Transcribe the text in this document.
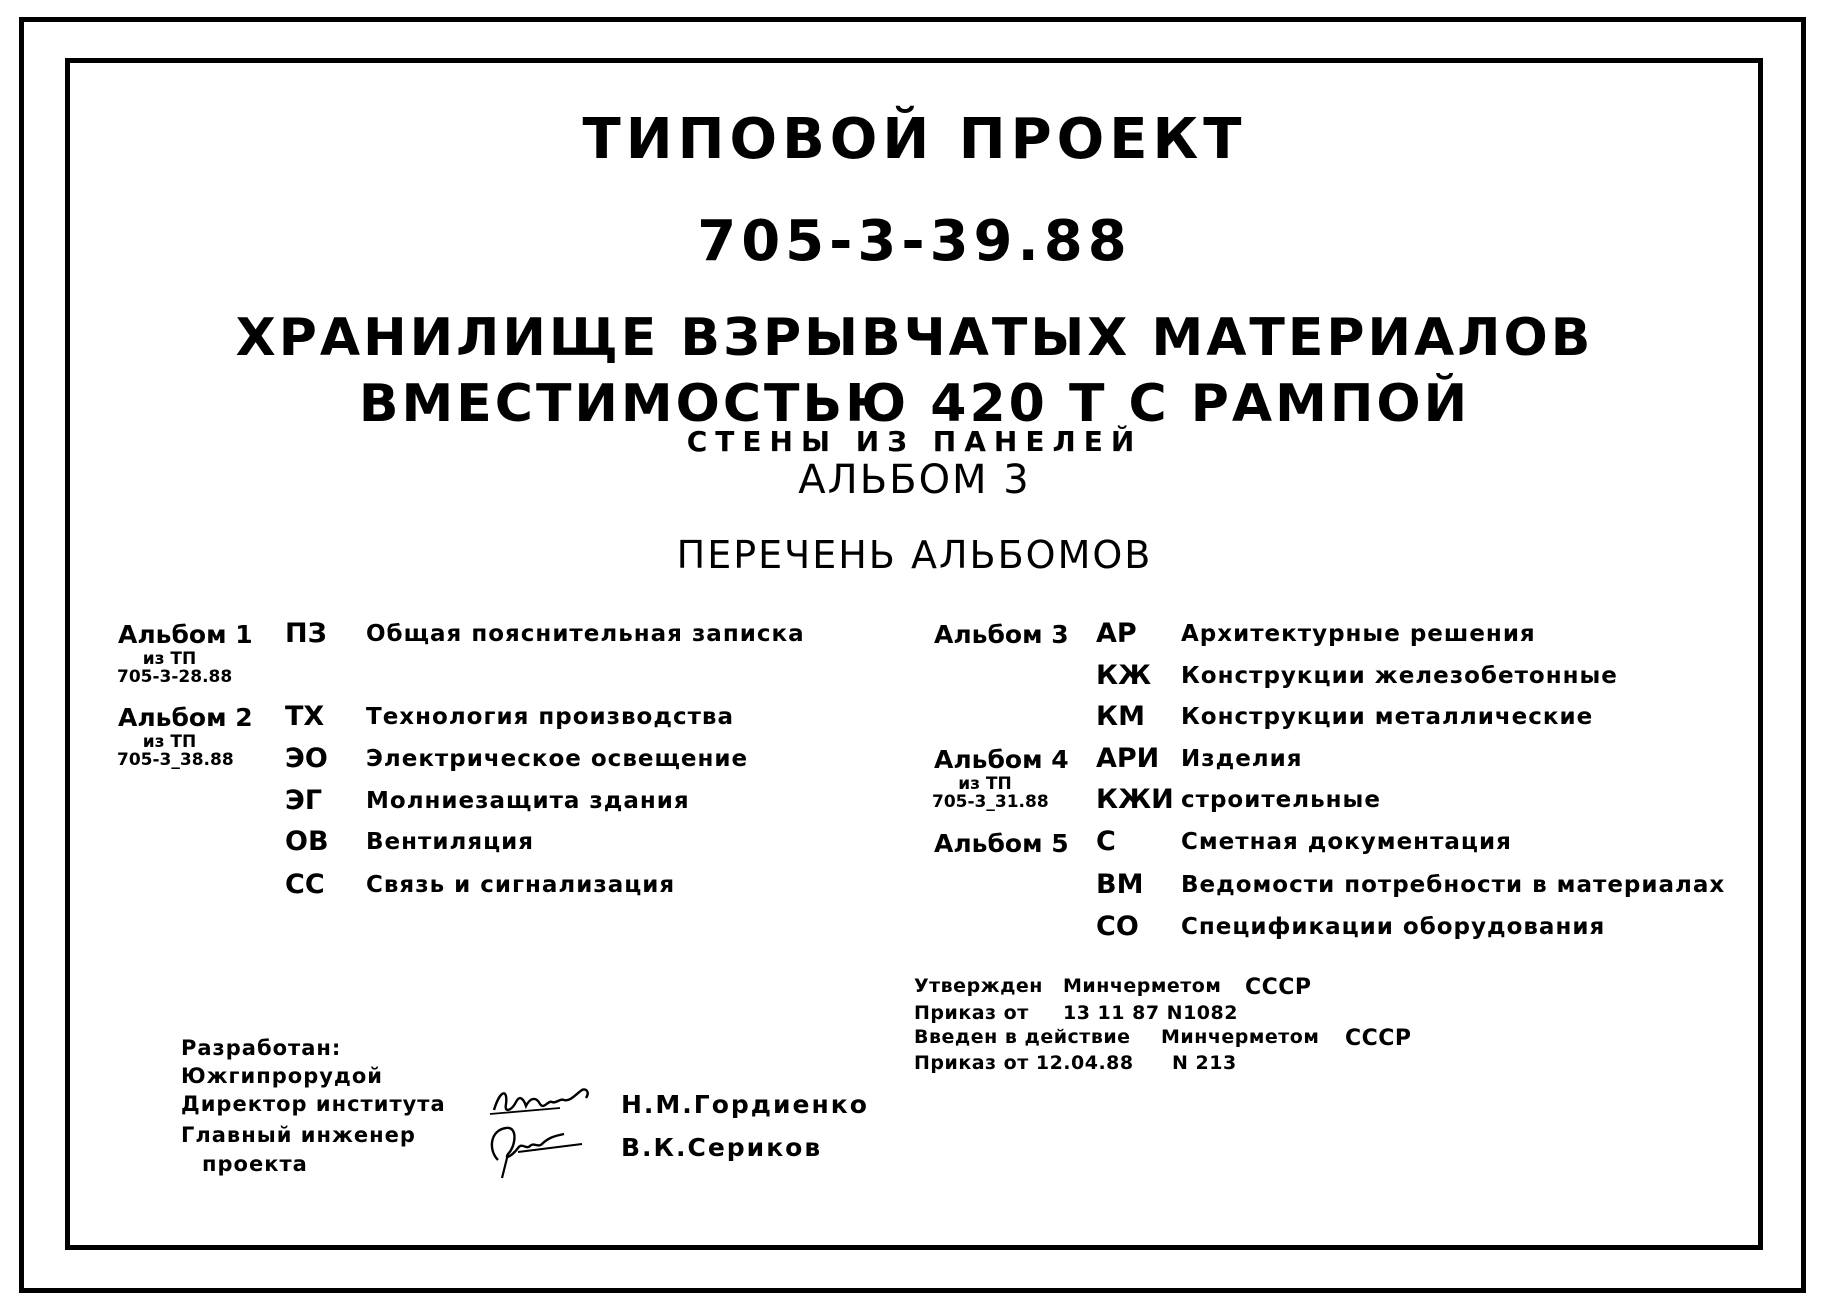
ТИПОВОЙ ПРОЕКТ
705-3-39.88
ХРАНИЛИЩЕ ВЗРЫВЧАТЫХ МАТЕРИАЛОВ
ВМЕСТИМОСТЬЮ 420 Т С РАМПОЙ
СТЕНЫ ИЗ ПАНЕЛЕЙ
АЛЬБОМ 3
ПЕРЕЧЕНЬ АЛЬБОМОВ
Альбом 1
из ТП
705-3-28.88
Альбом 2
из ТП
705-3_38.88
ПЗ Общая пояснительная записка
ТХ Технология производства
ЭО Электрическое освещение
ЭГ Молниезащита здания
ОВ Вентиляция
СС Связь и сигнализация
Альбом 3
Альбом 4
из ТП
705-3_31.88
Альбом 5
АР Архитектурные решения
КЖ Конструкции железобетонные
КМ Конструкции металлические
АРИ Изделия
КЖИ строительные
С	Сметная документация
ВМ Ведомости потребности в материалах
СО Спецификации оборудования
Утвержден Минчерметом СССР
Приказ от 13 11 87 N1082
Введен в действие Минчерметом СССР
Приказ от 12.04.88 N 213
Разработан:
Южгипрорудой
Директор института	Н.М.Гордиенко
Главный инженер
проекта
В.К.Сериков
